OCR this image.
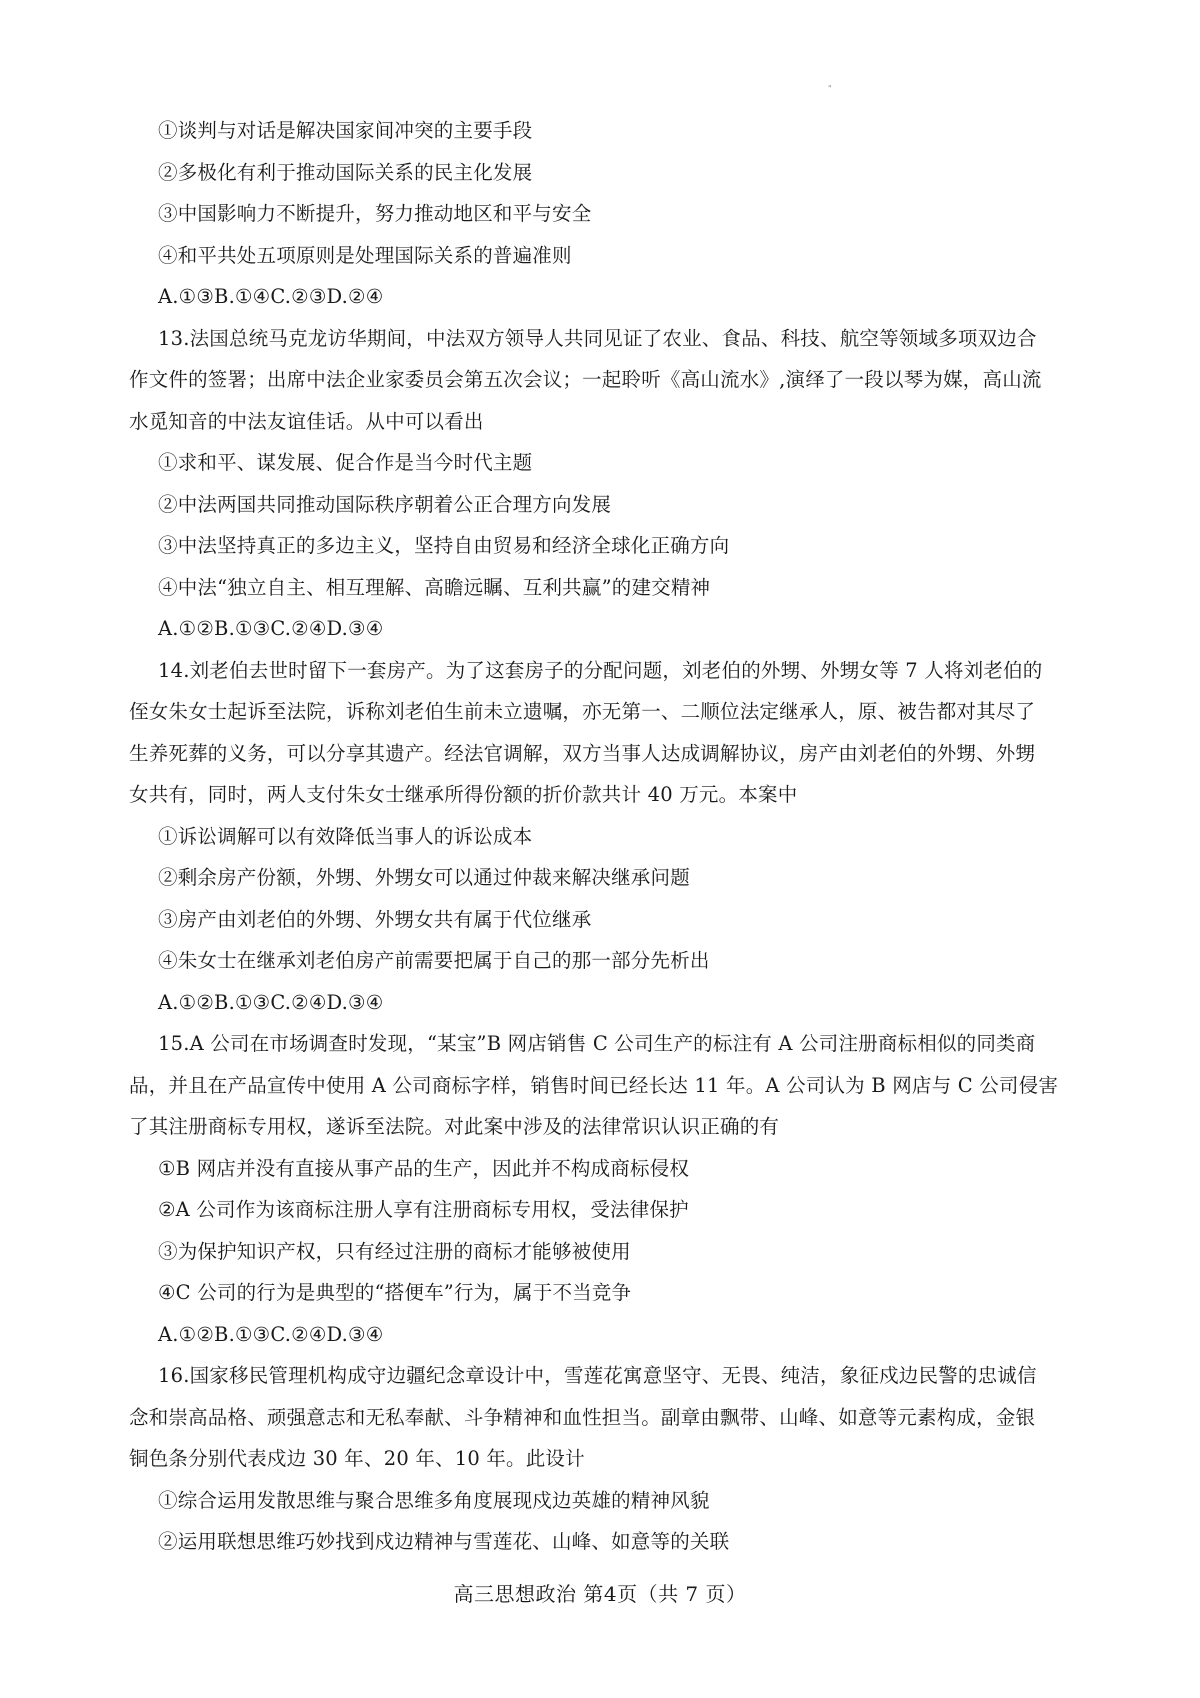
"
①谈判与对话是解决国家间冲突的主要手段
②多极化有利于推动国际关系的民主化发展
③中国影响力不断提升，努力推动地区和平与安全
④和平共处五项原则是处理国际关系的普遍准则
A.①③B.①④C.②③D.②④
13.法国总统马克龙访华期间，中法双方领导人共同见证了农业、食品、科技、航空等领域多项双边合
作文件的签署；出席中法企业家委员会第五次会议；一起聆听《高山流水》,演绎了一段以琴为媒，高山流
水觅知音的中法友谊佳话。从中可以看出
①求和平、谋发展、促合作是当今时代主题
②中法两国共同推动国际秩序朝着公正合理方向发展
③中法坚持真正的多边主义，坚持自由贸易和经济全球化正确方向
④中法“独立自主、相互理解、高瞻远瞩、互利共赢”的建交精神
A.①②B.①③C.②④D.③④
14.刘老伯去世时留下一套房产。为了这套房子的分配问题，刘老伯的外甥、外甥女等 7 人将刘老伯的
侄女朱女士起诉至法院，诉称刘老伯生前未立遗嘱，亦无第一、二顺位法定继承人，原、被告都对其尽了
生养死葬的义务，可以分享其遗产。经法官调解，双方当事人达成调解协议，房产由刘老伯的外甥、外甥
女共有，同时，两人支付朱女士继承所得份额的折价款共计 40 万元。本案中
①诉讼调解可以有效降低当事人的诉讼成本
②剩余房产份额，外甥、外甥女可以通过仲裁来解决继承问题
③房产由刘老伯的外甥、外甥女共有属于代位继承
④朱女士在继承刘老伯房产前需要把属于自己的那一部分先析出
A.①②B.①③C.②④D.③④
15.A 公司在市场调查时发现，“某宝”B 网店销售 C 公司生产的标注有 A 公司注册商标相似的同类商
品，并且在产品宣传中使用 A 公司商标字样，销售时间已经长达 11 年。A 公司认为 B 网店与 C 公司侵害
了其注册商标专用权，遂诉至法院。对此案中涉及的法律常识认识正确的有
①B 网店并没有直接从事产品的生产，因此并不构成商标侵权
②A 公司作为该商标注册人享有注册商标专用权，受法律保护
③为保护知识产权，只有经过注册的商标才能够被使用
④C 公司的行为是典型的“搭便车”行为，属于不当竞争
A.①②B.①③C.②④D.③④
16.国家移民管理机构成守边疆纪念章设计中，雪莲花寓意坚守、无畏、纯洁，象征戍边民警的忠诚信
念和崇高品格、顽强意志和无私奉献、斗争精神和血性担当。副章由飘带、山峰、如意等元素构成，金银
铜色条分别代表戍边 30 年、20 年、10 年。此设计
①综合运用发散思维与聚合思维多角度展现戍边英雄的精神风貌
②运用联想思维巧妙找到戍边精神与雪莲花、山峰、如意等的关联
高三思想政治 第4页（共 7 页）
